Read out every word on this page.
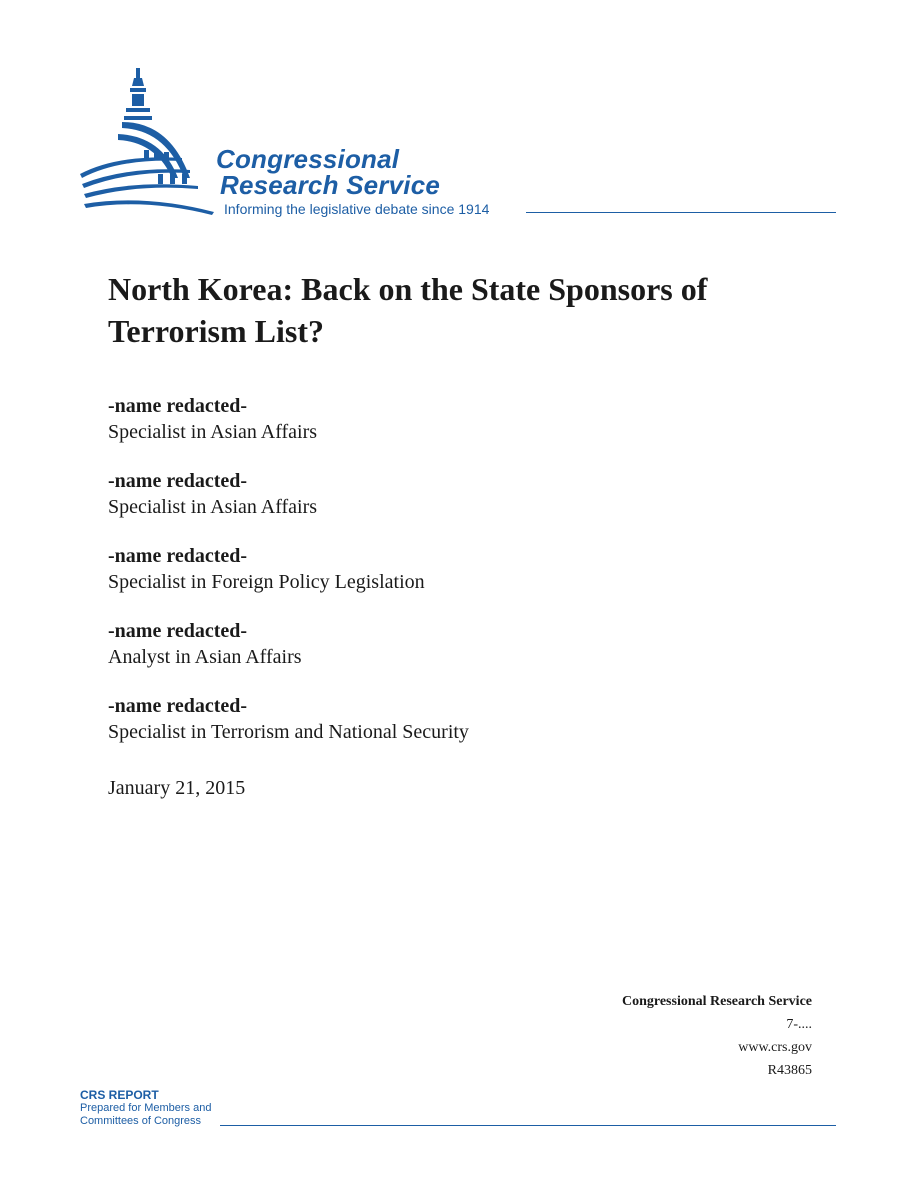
Congressional
Research Service
Informing the legislative debate since 1914
North Korea: Back on the State Sponsors of Terrorism List?
-name redacted-
Specialist in Asian Affairs
-name redacted-
Specialist in Asian Affairs
-name redacted-
Specialist in Foreign Policy Legislation
-name redacted-
Analyst in Asian Affairs
-name redacted-
Specialist in Terrorism and National Security
January 21, 2015
Congressional Research Service
7-....
www.crs.gov
R43865
CRS REPORT
Prepared for Members and
Committees of Congress
